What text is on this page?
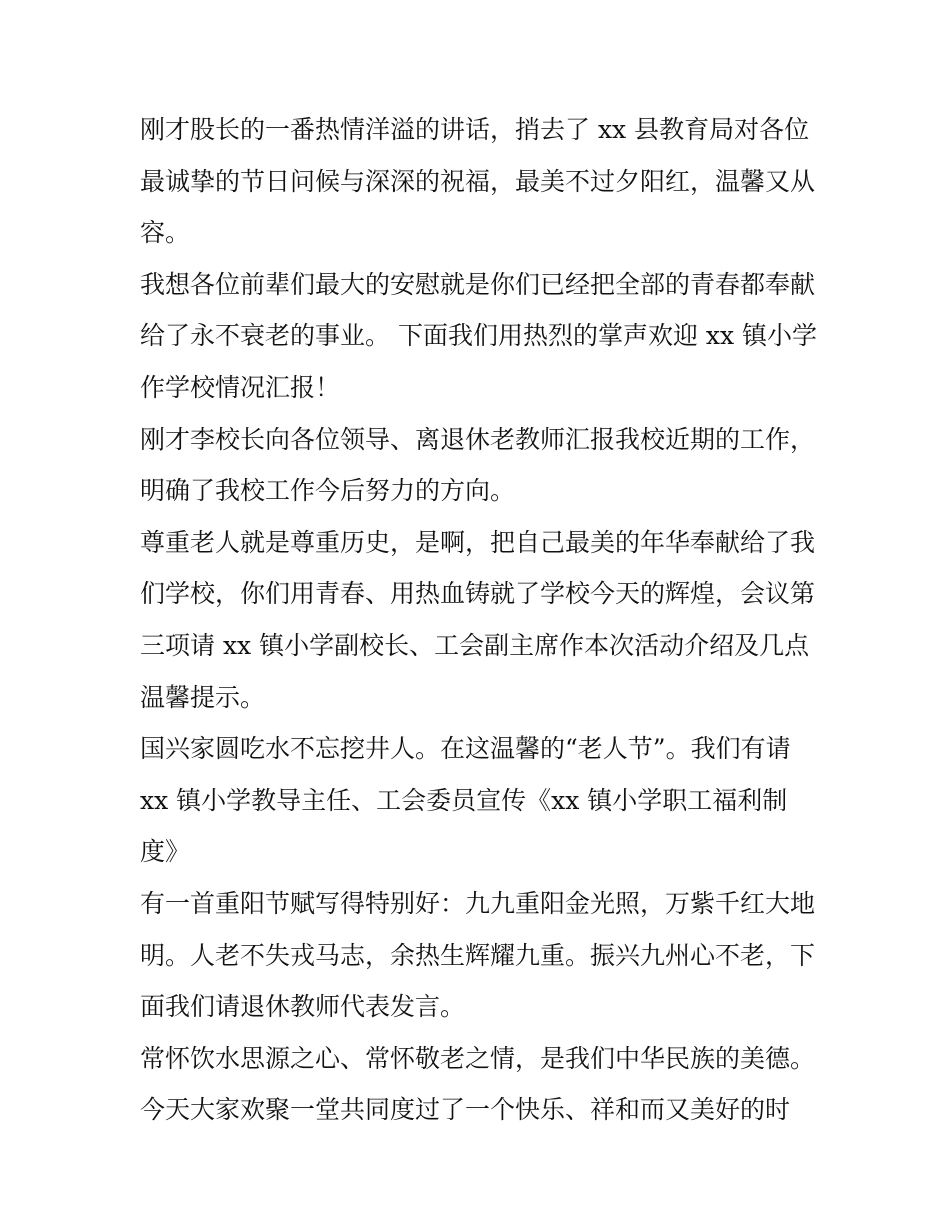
刚才股长的一番热情洋溢的讲话，捎去了 xx 县教育局对各位
最诚挚的节日问候与深深的祝福，最美不过夕阳红，温馨又从
容。
我想各位前辈们最大的安慰就是你们已经把全部的青春都奉献
给了永不衰老的事业。 下面我们用热烈的掌声欢迎 xx 镇小学
作学校情况汇报！
刚才李校长向各位领导、离退休老教师汇报我校近期的工作，
明确了我校工作今后努力的方向。
尊重老人就是尊重历史，是啊，把自己最美的年华奉献给了我
们学校，你们用青春、用热血铸就了学校今天的辉煌，会议第
三项请 xx 镇小学副校长、工会副主席作本次活动介绍及几点
温馨提示。
国兴家圆吃水不忘挖井人。在这温馨的“老人节”。我们有请
xx 镇小学教导主任、工会委员宣传《xx 镇小学职工福利制
度》
有一首重阳节赋写得特别好：九九重阳金光照，万紫千红大地
明。人老不失戎马志，余热生辉耀九重。振兴九州心不老，下
面我们请退休教师代表发言。
常怀饮水思源之心、常怀敬老之情，是我们中华民族的美德。
今天大家欢聚一堂共同度过了一个快乐、祥和而又美好的时
